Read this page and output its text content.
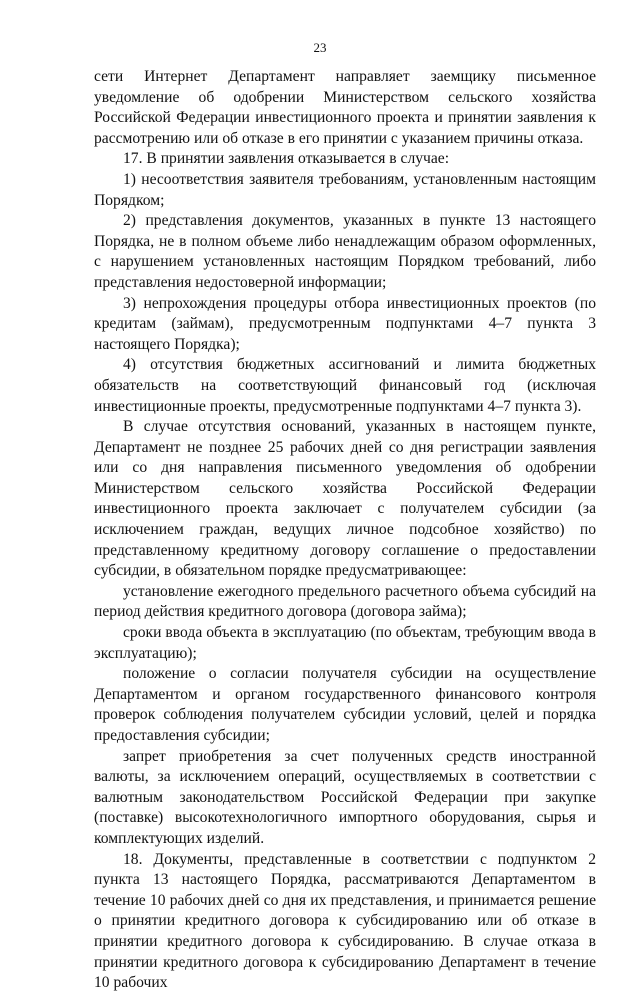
23

сети Интернет Департамент направляет заемщику письменное уведомление об одобрении Министерством сельского хозяйства Российской Федерации инвестиционного проекта и принятии заявления к рассмотрению или об отказе в его принятии с указанием причины отказа.

17. В принятии заявления отказывается в случае:

1) несоответствия заявителя требованиям, установленным настоящим Порядком;

2) представления документов, указанных в пункте 13 настоящего Порядка, не в полном объеме либо ненадлежащим образом оформленных, с нарушением установленных настоящим Порядком требований, либо представления недостоверной информации;

3) непрохождения процедуры отбора инвестиционных проектов (по кредитам (займам), предусмотренным подпунктами 4–7 пункта 3 настоящего Порядка);

4) отсутствия бюджетных ассигнований и лимита бюджетных обязательств на соответствующий финансовый год (исключая инвестиционные проекты, предусмотренные подпунктами 4–7 пункта 3).

В случае отсутствия оснований, указанных в настоящем пункте, Департамент не позднее 25 рабочих дней со дня регистрации заявления или со дня направления письменного уведомления об одобрении Министерством сельского хозяйства Российской Федерации инвестиционного проекта заключает с получателем субсидии (за исключением граждан, ведущих личное подсобное хозяйство) по представленному кредитному договору соглашение о предоставлении субсидии, в обязательном порядке предусматривающее:

установление ежегодного предельного расчетного объема субсидий на период действия кредитного договора (договора займа);

сроки ввода объекта в эксплуатацию (по объектам, требующим ввода в эксплуатацию);

положение о согласии получателя субсидии на осуществление Департаментом и органом государственного финансового контроля проверок соблюдения получателем субсидии условий, целей и порядка предоставления субсидии;

запрет приобретения за счет полученных средств иностранной валюты, за исключением операций, осуществляемых в соответствии с валютным законодательством Российской Федерации при закупке (поставке) высокотехнологичного импортного оборудования, сырья и комплектующих изделий.

18. Документы, представленные в соответствии с подпунктом 2 пункта 13 настоящего Порядка, рассматриваются Департаментом в течение 10 рабочих дней со дня их представления, и принимается решение о принятии кредитного договора к субсидированию или об отказе в принятии кредитного договора к субсидированию. В случае отказа в принятии кредитного договора к субсидированию Департамент в течение 10 рабочих
